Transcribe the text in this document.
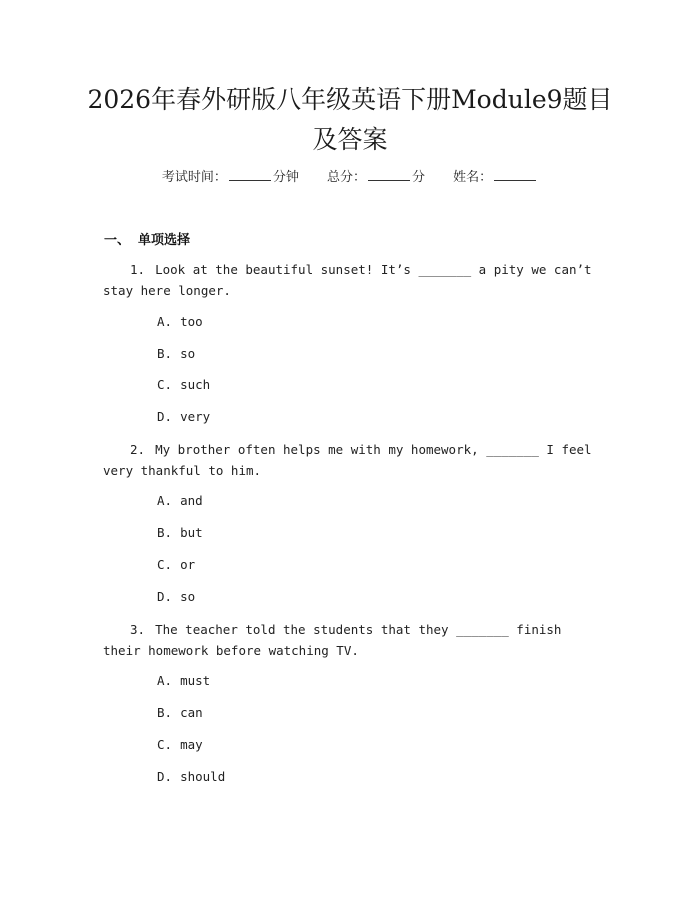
2026年春外研版八年级英语下册Module9题目及答案
考试时间：	分钟 总分：	分 姓名：
一、 单项选择
1. Look at the beautiful sunset! It’s _______ a pity we can’t stay here longer.
A. too
B. so
C. such
D. very
2. My brother often helps me with my homework, _______ I feel very thankful to him.
A. and
B. but
C. or
D. so
3. The teacher told the students that they _______ finish their homework before watching TV.
A. must
B. can
C. may
D. should
